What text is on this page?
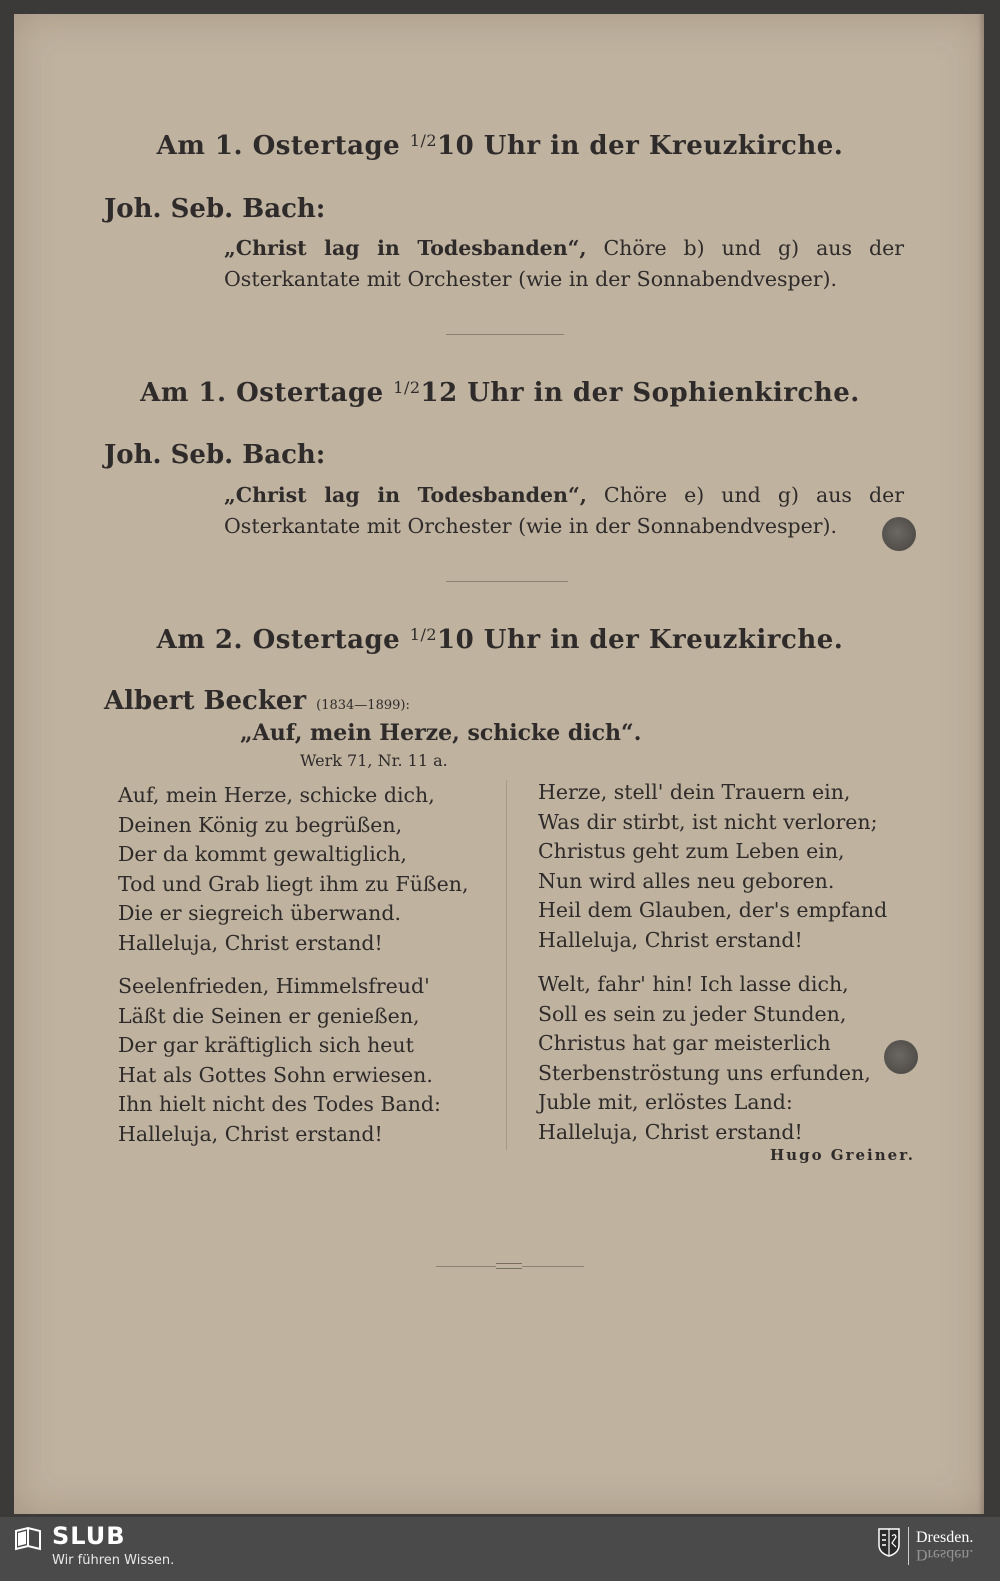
Am 1. Ostertage $^{1/2}$10 Uhr in der Kreuzkirche.
Joh. Seb. Bach:
„Christ lag in Todesbanden“, Chöre b) und g) aus der Osterkantate mit Orchester (wie in der Sonnabendvesper).
Am 1. Ostertage $^{1/2}$12 Uhr in der Sophienkirche.
Joh. Seb. Bach:
„Christ lag in Todesbanden“, Chöre e) und g) aus der Osterkantate mit Orchester (wie in der Sonnabendvesper).
Am 2. Ostertage $^{1/2}$10 Uhr in der Kreuzkirche.
Albert Becker (1834—1899):
„Auf, mein Herze, schicke dich“.
Werk 71, Nr. 11 a.
Auf, mein Herze, schicke dich,
Deinen König zu begrüßen,
Der da kommt gewaltiglich,
Tod und Grab liegt ihm zu Füßen,
Die er siegreich überwand.
Halleluja, Christ erstand!
Seelenfrieden, Himmelsfreud'
Läßt die Seinen er genießen,
Der gar kräftiglich sich heut
Hat als Gottes Sohn erwiesen.
Ihn hielt nicht des Todes Band:
Halleluja, Christ erstand!
Herze, stell' dein Trauern ein,
Was dir stirbt, ist nicht verloren;
Christus geht zum Leben ein,
Nun wird alles neu geboren.
Heil dem Glauben, der's empfand
Halleluja, Christ erstand!
Welt, fahr' hin! Ich lasse dich,
Soll es sein zu jeder Stunden,
Christus hat gar meisterlich
Sterbenströstung uns erfunden,
Juble mit, erlöstes Land:
Halleluja, Christ erstand!
Hugo Greiner.
SLUB
Wir führen Wissen.
Dresden.
Dresden.
